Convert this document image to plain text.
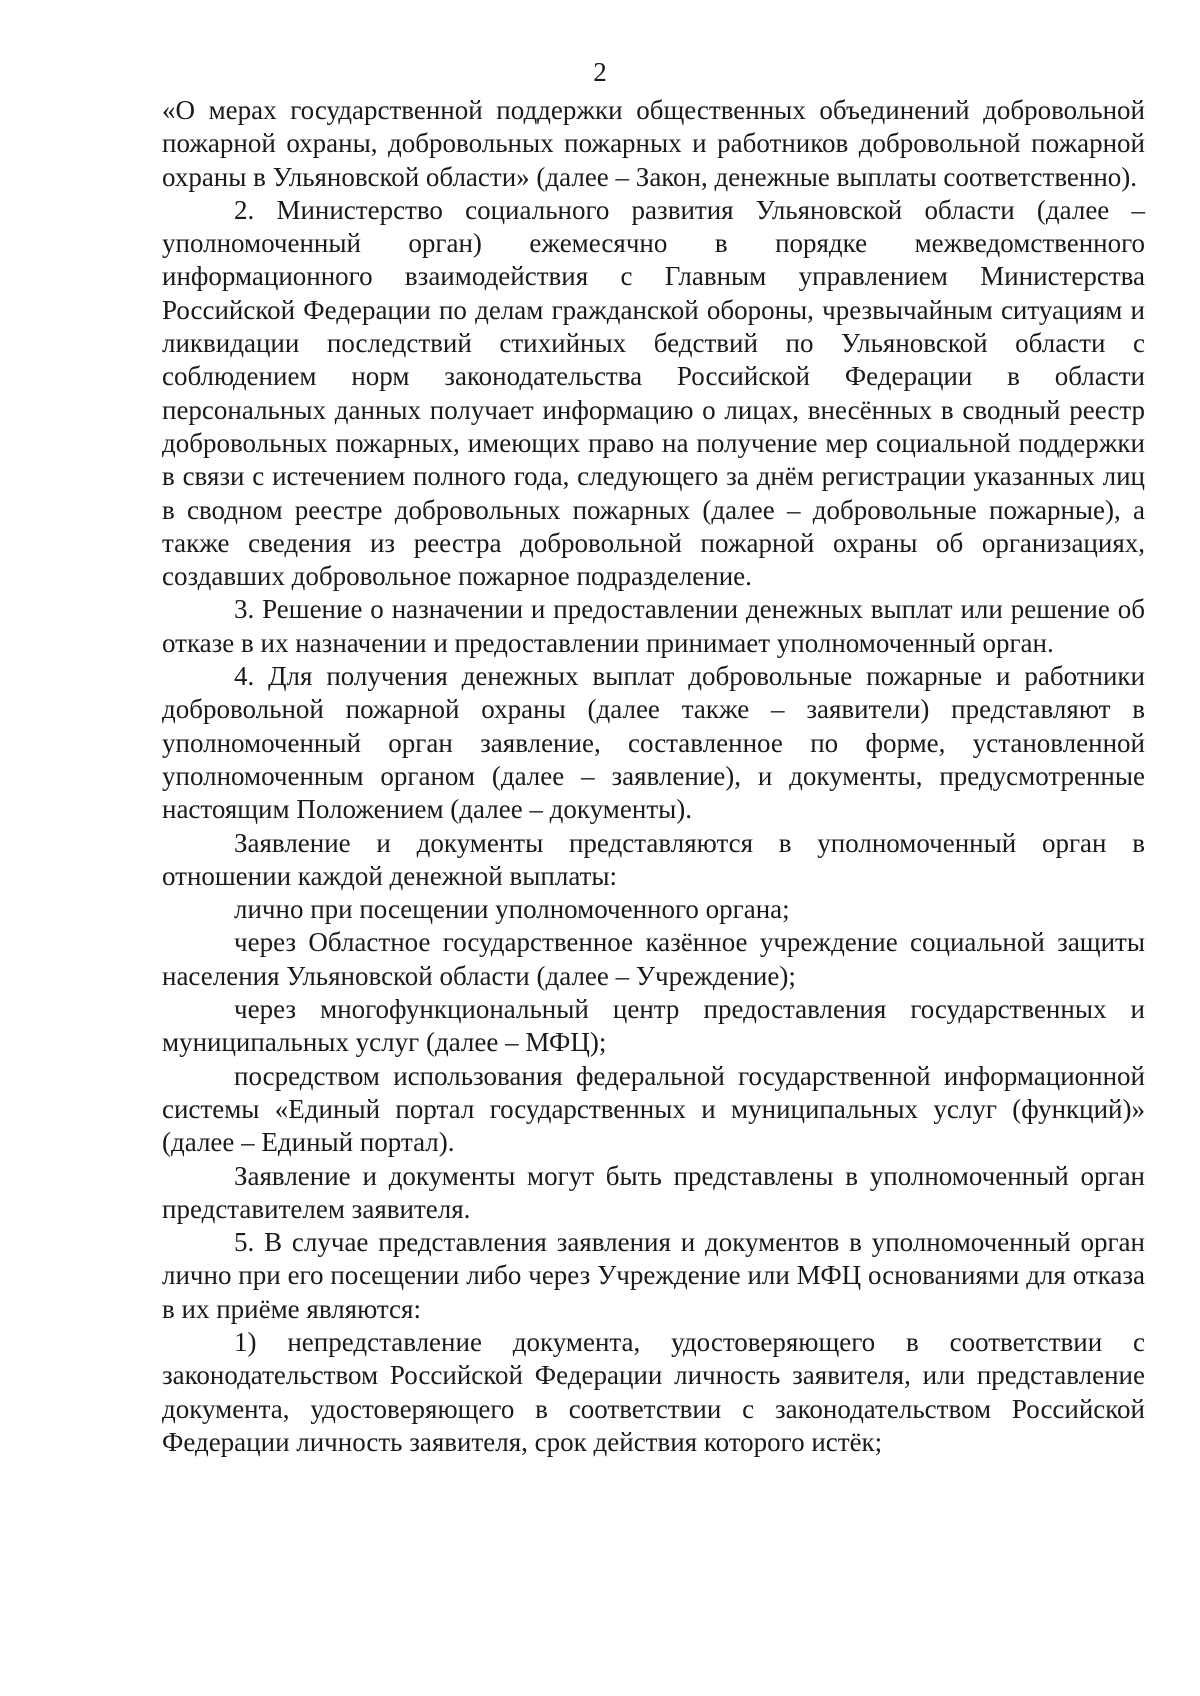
2

«О мерах государственной поддержки общественных объединений добровольной пожарной охраны, добровольных пожарных и работников добровольной пожарной охраны в Ульяновской области» (далее – Закон, денежные выплаты соответственно).

2. Министерство социального развития Ульяновской области (далее – уполномоченный орган) ежемесячно в порядке межведомственного информационного взаимодействия с Главным управлением Министерства Российской Федерации по делам гражданской обороны, чрезвычайным ситуациям и ликвидации последствий стихийных бедствий по Ульяновской области с соблюдением норм законодательства Российской Федерации в области персональных данных получает информацию о лицах, внесённых в сводный реестр добровольных пожарных, имеющих право на получение мер социальной поддержки в связи с истечением полного года, следующего за днём регистрации указанных лиц в сводном реестре добровольных пожарных (далее – добровольные пожарные), а также сведения из реестра добровольной пожарной охраны об организациях, создавших добровольное пожарное подразделение.

3. Решение о назначении и предоставлении денежных выплат или решение об отказе в их назначении и предоставлении принимает уполномоченный орган.

4. Для получения денежных выплат добровольные пожарные и работники добровольной пожарной охраны (далее также – заявители) представляют в уполномоченный орган заявление, составленное по форме, установленной уполномоченным органом (далее – заявление), и документы, предусмотренные настоящим Положением (далее – документы).

Заявление и документы представляются в уполномоченный орган в отношении каждой денежной выплаты:

лично при посещении уполномоченного органа;

через Областное государственное казённое учреждение социальной защиты населения Ульяновской области (далее – Учреждение);

через многофункциональный центр предоставления государственных и муниципальных услуг (далее – МФЦ);

посредством использования федеральной государственной информационной системы «Единый портал государственных и муниципальных услуг (функций)» (далее – Единый портал).

Заявление и документы могут быть представлены в уполномоченный орган представителем заявителя.

5. В случае представления заявления и документов в уполномоченный орган лично при его посещении либо через Учреждение или МФЦ основаниями для отказа в их приёме являются:

1) непредставление документа, удостоверяющего в соответствии с законодательством Российской Федерации личность заявителя, или представление документа, удостоверяющего в соответствии с законодательством Российской Федерации личность заявителя, срок действия которого истёк;
